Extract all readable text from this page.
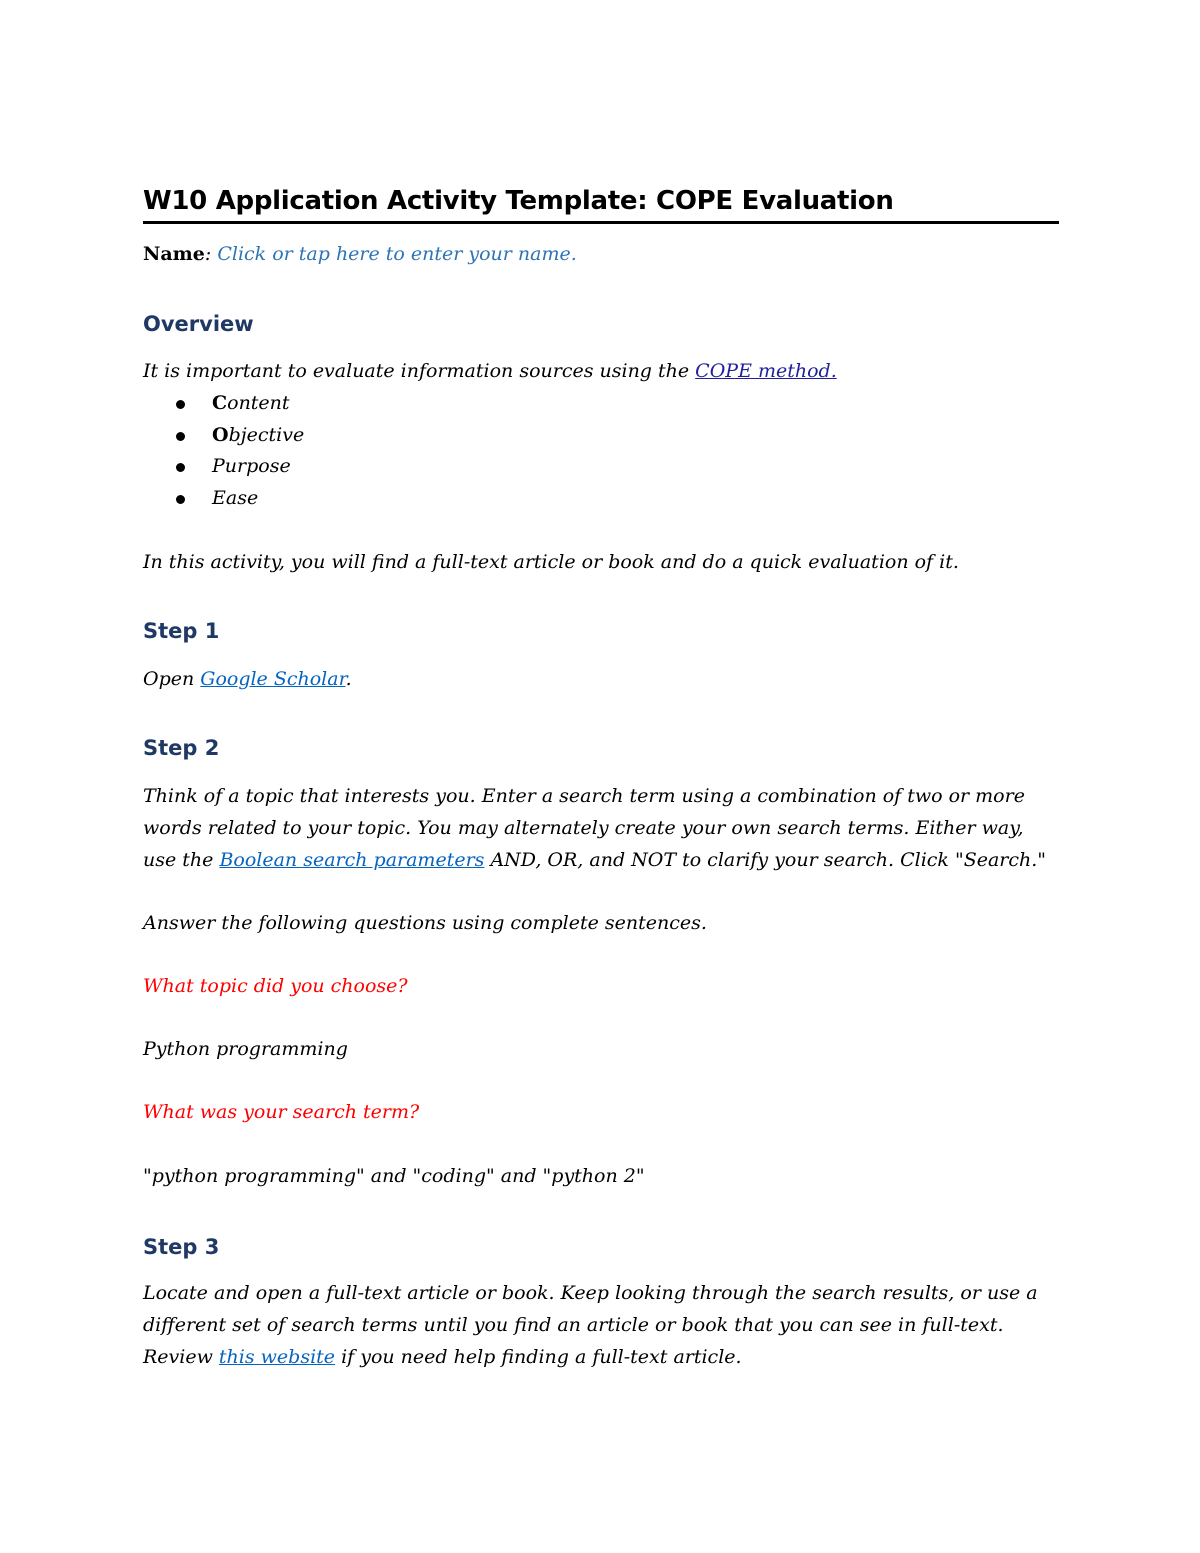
W10 Application Activity Template: COPE Evaluation

Name: Click or tap here to enter your name.

Overview

It is important to evaluate information sources using the COPE method.

Content
Objective
Purpose
Ease

In this activity, you will find a full-text article or book and do a quick evaluation of it.

Step 1

Open Google Scholar.

Step 2

Think of a topic that interests you. Enter a search term using a combination of two or more

words related to your topic. You may alternately create your own search terms. Either way,

use the Boolean search parameters AND, OR, and NOT to clarify your search. Click "Search."

Answer the following questions using complete sentences.

What topic did you choose?

Python programming

What was your search term?

"python programming" and "coding" and "python 2"

Step 3

Locate and open a full-text article or book. Keep looking through the search results, or use a

different set of search terms until you find an article or book that you can see in full-text.

Review this website if you need help finding a full-text article.
